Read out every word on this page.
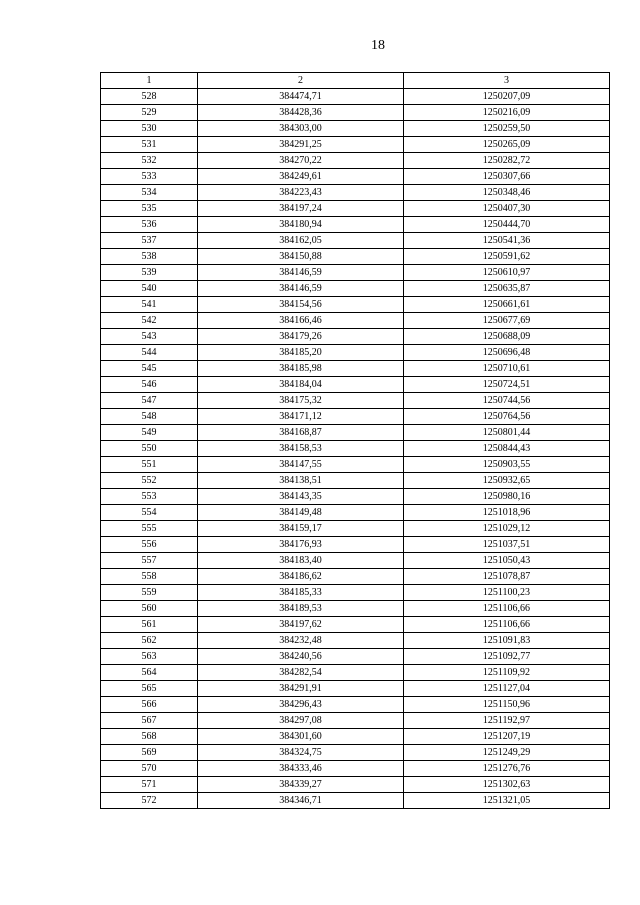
18
1	2	3
528	384474,71	1250207,09
529	384428,36	1250216,09
530	384303,00	1250259,50
531	384291,25	1250265,09
532	384270,22	1250282,72
533	384249,61	1250307,66
534	384223,43	1250348,46
535	384197,24	1250407,30
536	384180,94	1250444,70
537	384162,05	1250541,36
538	384150,88	1250591,62
539	384146,59	1250610,97
540	384146,59	1250635,87
541	384154,56	1250661,61
542	384166,46	1250677,69
543	384179,26	1250688,09
544	384185,20	1250696,48
545	384185,98	1250710,61
546	384184,04	1250724,51
547	384175,32	1250744,56
548	384171,12	1250764,56
549	384168,87	1250801,44
550	384158,53	1250844,43
551	384147,55	1250903,55
552	384138,51	1250932,65
553	384143,35	1250980,16
554	384149,48	1251018,96
555	384159,17	1251029,12
556	384176,93	1251037,51
557	384183,40	1251050,43
558	384186,62	1251078,87
559	384185,33	1251100,23
560	384189,53	1251106,66
561	384197,62	1251106,66
562	384232,48	1251091,83
563	384240,56	1251092,77
564	384282,54	1251109,92
565	384291,91	1251127,04
566	384296,43	1251150,96
567	384297,08	1251192,97
568	384301,60	1251207,19
569	384324,75	1251249,29
570	384333,46	1251276,76
571	384339,27	1251302,63
572	384346,71	1251321,05
